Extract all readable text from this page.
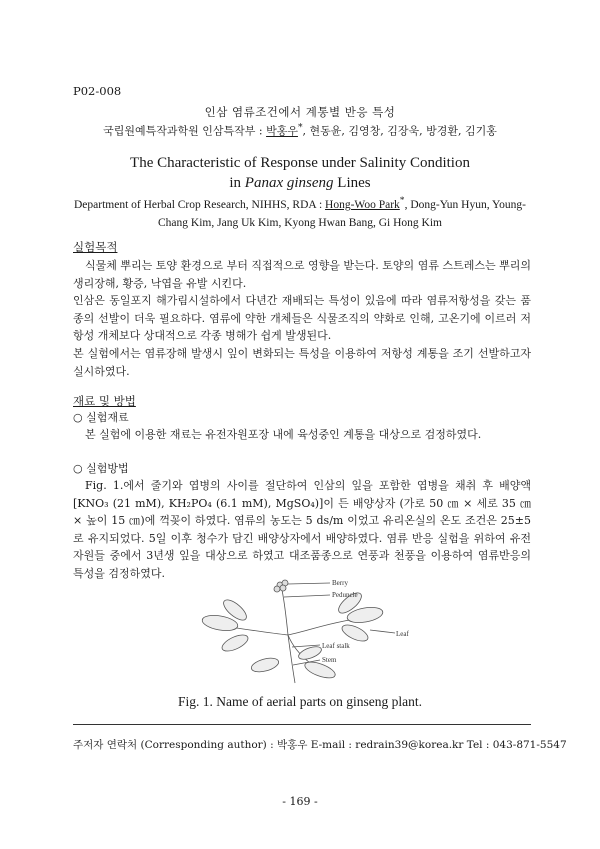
P02-008
인삼 염류조건에서 계통별 반응 특성
국립원예특작과학원 인삼특작부 : 박홍우*, 현동윤, 김영창, 김장욱, 방경환, 김기홍
The Characteristic of Response under Salinity Condition
in Panax ginseng Lines
Department of Herbal Crop Research, NIHHS, RDA : Hong-Woo Park*, Dong-Yun Hyun, Young-Chang Kim, Jang Uk Kim, Kyong Hwan Bang, Gi Hong Kim
실험목적
식물체 뿌리는 토양 환경으로 부터 직접적으로 영향을 받는다. 토양의 염류 스트레스는 뿌리의 생리장해, 황증, 낙엽을 유발 시킨다.
인삼은 동일포지 해가림시설하에서 다년간 재배되는 특성이 있음에 따라 염류저항성을 갖는 품종의 선발이 더욱 필요하다. 염류에 약한 개체들은 식물조직의 약화로 인해, 고온기에 이르러 저항성 개체보다 상대적으로 각종 병해가 쉽게 발생된다.
본 실험에서는 염류장해 발생시 잎이 변화되는 특성을 이용하여 저항성 계통을 조기 선발하고자 실시하였다.
재료 및 방법
○ 실험재료
본 실험에 이용한 재료는 유전자원포장 내에 육성중인 계통을 대상으로 검정하였다.
○ 실험방법
Fig. 1.에서 줄기와 엽병의 사이를 절단하여 인삼의 잎을 포함한 엽병을 채취 후 배양액 [KNO₃ (21 mM), KH₂PO₄ (6.1 mM), MgSO₄)]이 든 배양상자 (가로 50 ㎝ × 세로 35 ㎝ × 높이 15 ㎝)에 꺽꽂이 하였다. 염류의 농도는 5 ds/m 이었고 유리온실의 온도 조건은 25±5로 유지되었다. 5일 이후 청수가 담긴 배양상자에서 배양하였다. 염류 반응 실험을 위하여 유전자원들 중에서 3년생 잎을 대상으로 하였고 대조품종으로 연풍과 천풍을 이용하여 염류반응의 특성을 검정하였다.
Berry
Peduncle
Leaf
Leaf stalk
Stem
Fig. 1. Name of aerial parts on ginseng plant.
주저자 연락처 (Corresponding author) : 박홍우 E-mail : redrain39@korea.kr Tel : 043-871-5547
- 169 -
